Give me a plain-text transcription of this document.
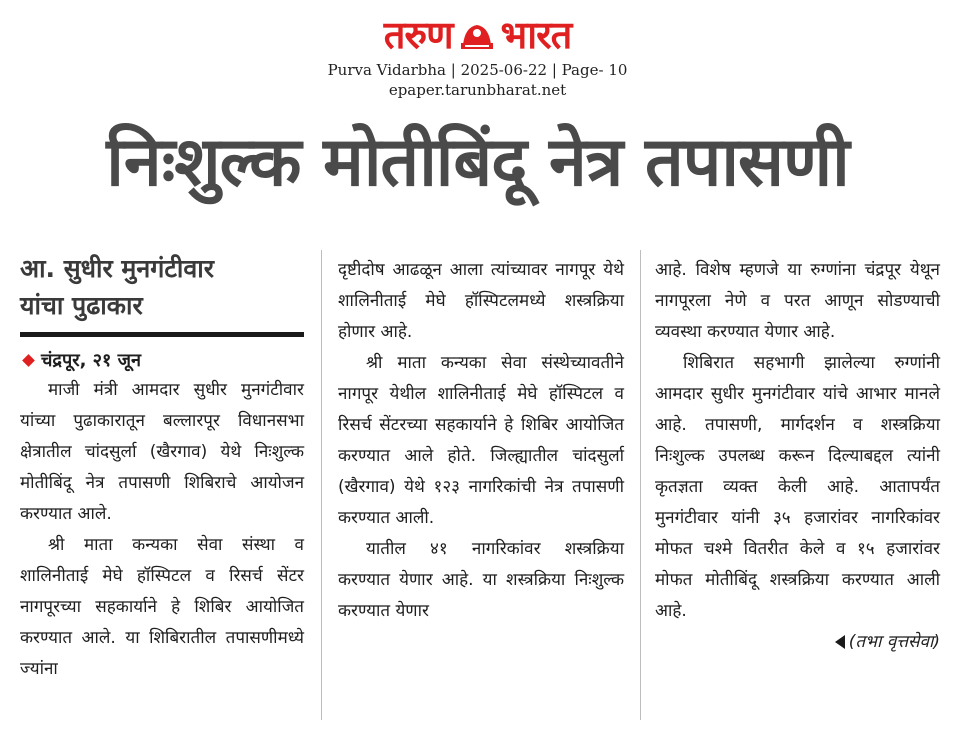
तरुण भारत
Purva Vidarbha | 2025-06-22 | Page- 10
epaper.tarunbharat.net
निःशुल्क मोतीबिंदू नेत्र तपासणी
आ. सुधीर मुनगंटीवार
यांचा पुढाकार
चंद्रपूर, २१ जून

माजी मंत्री आमदार सुधीर मुनगंटीवार यांच्या पुढाकारातून बल्लारपूर विधानसभा क्षेत्रातील चांदसुर्ला (खैरगाव) येथे निःशुल्क मोतीबिंदू नेत्र तपासणी शिबिराचे आयोजन करण्यात आले.

श्री माता कन्यका सेवा संस्था व शालिनीताई मेघे हॉस्पिटल व रिसर्च सेंटर नागपूरच्या सहकार्याने हे शिबिर आयोजित करण्यात आले. या शिबिरातील तपासणीमध्ये ज्यांना

दृष्टीदोष आढळून आला त्यांच्यावर नागपूर येथे शालिनीताई मेघे हॉस्पिटलमध्ये शस्त्रक्रिया होणार आहे.

श्री माता कन्यका सेवा संस्थेच्यावतीने नागपूर येथील शालिनीताई मेघे हॉस्पिटल व रिसर्च सेंटरच्या सहकार्याने हे शिबिर आयोजित करण्यात आले होते. जिल्ह्यातील चांदसुर्ला (खैरगाव) येथे १२३ नागरिकांची नेत्र तपासणी करण्यात आली.

यातील ४१ नागरिकांवर शस्त्रक्रिया करण्यात येणार आहे. या शस्त्रक्रिया निःशुल्क करण्यात येणार

आहे. विशेष म्हणजे या रुग्णांना चंद्रपूर येथून नागपूरला नेणे व परत आणून सोडण्याची व्यवस्था करण्यात येणार आहे.

शिबिरात सहभागी झालेल्या रुग्णांनी आमदार सुधीर मुनगंटीवार यांचे आभार मानले आहे. तपासणी, मार्गदर्शन व शस्त्रक्रिया निःशुल्क उपलब्ध करून दिल्याबद्दल त्यांनी कृतज्ञता व्यक्त केली आहे. आतापर्यंत मुनगंटीवार यांनी ३५ हजारांवर नागरिकांवर मोफत चश्मे वितरीत केले व १५ हजारांवर मोफत मोतीबिंदू शस्त्रक्रिया करण्यात आली आहे.

(तभा वृत्तसेवा)
